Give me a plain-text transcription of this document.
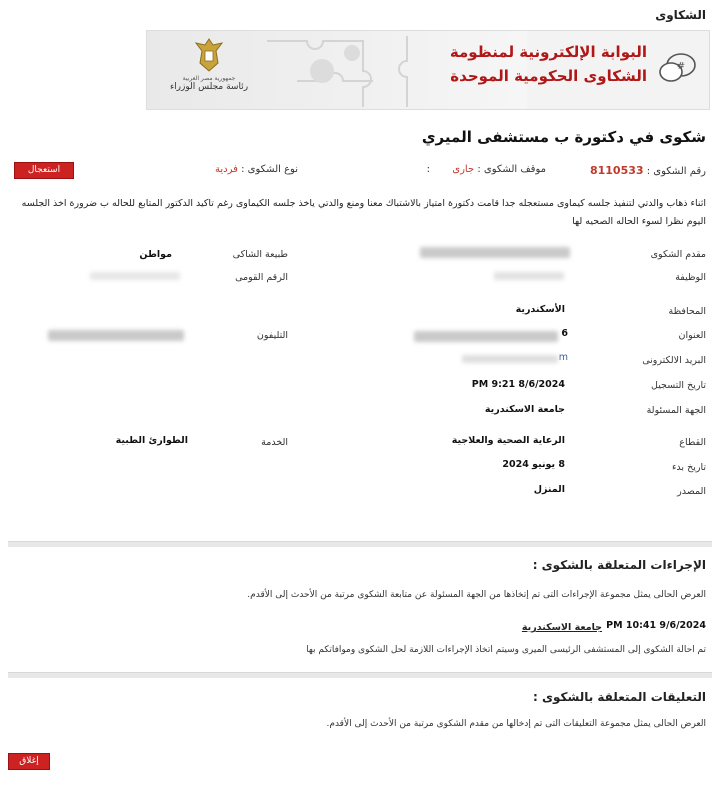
الشكاوى
جمهورية مصر العربية
رئاسة مجلس الوزراء
البوابة الإلكترونية لمنظومة
الشكاوى الحكومية الموحدة
#
شكوى في دكتورة ب مستشفى الميري
رقم الشكوى : 8110533
موقف الشكوى : جارى
:
نوع الشكوى : فردية
استعجال
اثناء ذهاب والدتي لتنفيذ جلسه كيماوى مستعجله جدا قامت دكتورة امتياز بالاشتباك معنا ومنع والدتي ياخذ جلسه الكيماوى رغم تاكيد الدكتور المتابع للحاله ب ضرورة اخذ الجلسه اليوم نظرا لسوء الحاله الصحيه لها
مقدم الشكوى
طبيعة الشاكى
مواطن
الوظيفة
الرقم القومى
المحافظة
الأسكندرية
العنوان
6
التليفون
البريد الالكترونى
m
تاريخ التسجيل
PM 9:21 8/6/2024
الجهة المسئولة
جامعة الاسكندرية
القطاع
الرعاية الصحية والعلاجية
الخدمة
الطوارئ الطبية
تاريخ بدء
8 يونيو 2024
المصدر
المنزل
الإجراءات المتعلقة بالشكوى :
العرض الحالى يمثل مجموعة الإجراءات التى تم إتخاذها من الجهة المسئولة عن متابعة الشكوى مرتبة من الأحدث إلى الأقدم.
PM 10:41 9/6/2024
جامعة الاسكندرية
تم احالة الشكوى إلى المستشفى الرئيسى الميرى وسيتم اتخاذ الإجراءات اللازمة لحل الشكوى وموافاتكم بها
التعليقات المتعلقة بالشكوى :
العرض الحالى يمثل مجموعة التعليقات التى تم إدخالها من مقدم الشكوى مرتبة من الأحدث إلى الأقدم.
إغلاق
